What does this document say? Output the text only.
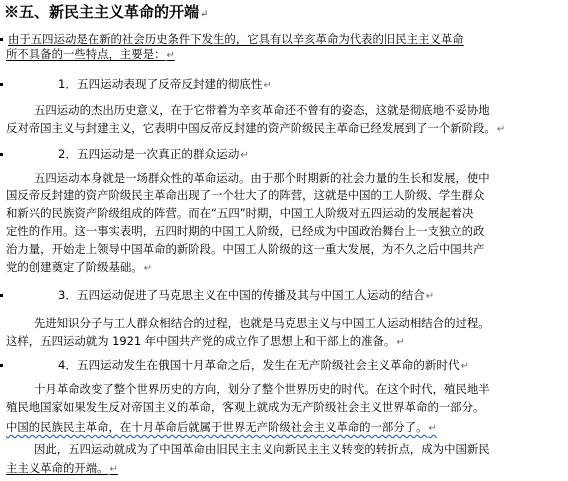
※五、新民主主义革命的开端↵
由于五四运动是在新的社会历史条件下发生的，它具有以辛亥革命为代表的旧民主主义革命
所不具备的一些特点，主要是：↵
1．五四运动表现了反帝反封建的彻底性↵
五四运动的杰出历史意义，在于它带着为辛亥革命还不曾有的姿态，这就是彻底地不妥协地
反对帝国主义与封建主义，它表明中国反帝反封建的资产阶级民主革命已经发展到了一个新阶段。↵
2．五四运动是一次真正的群众运动↵
五四运动本身就是一场群众性的革命运动。由于那个时期新的社会力量的生长和发展，使中
国反帝反封建的资产阶级民主革命出现了一个壮大了的阵营，这就是中国的工人阶级、学生群众
和新兴的民族资产阶级组成的阵营。而在“五四”时期，中国工人阶级对五四运动的发展起着决
定性的作用。这一事实表明，五四时期的中国工人阶级，已经成为中国政治舞台上一支独立的政
治力量，开始走上领导中国革命的新阶段。中国工人阶级的这一重大发展，为不久之后中国共产
党的创建奠定了阶级基础。↵
3．五四运动促进了马克思主义在中国的传播及其与中国工人运动的结合↵
先进知识分子与工人群众相结合的过程，也就是马克思主义与中国工人运动相结合的过程。
这样，五四运动就为 1921 年中国共产党的成立作了思想上和干部上的准备。↵
4．五四运动发生在俄国十月革命之后，发生在无产阶级社会主义革命的新时代↵
十月革命改变了整个世界历史的方向，划分了整个世界历史的时代。在这个时代，殖民地半
殖民地国家如果发生反对帝国主义的革命，客观上就成为无产阶级社会主义世界革命的一部分。
中国的民族民主革命，在十月革命后就属于世界无产阶级社会主义革命的一部分了。↵
因此，五四运动就成为了中国革命由旧民主主义向新民主主义转变的转折点，成为中国新民
主主义革命的开端。↵
